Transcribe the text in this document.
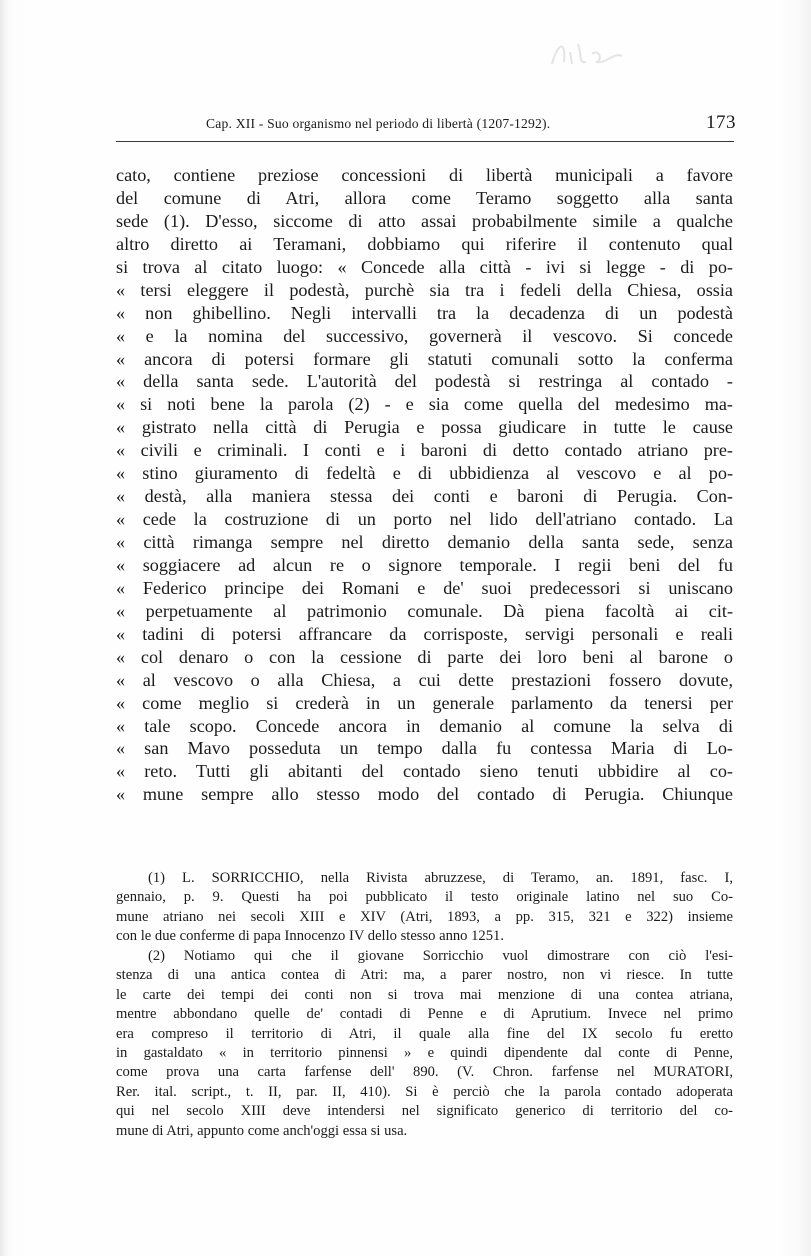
Cap. XII - Suo organismo nel periodo di libertà (1207-1292).	173
cato, contiene preziose concessioni di libertà municipali a favore
del comune di Atri, allora come Teramo soggetto alla santa
sede (1). D'esso, siccome di atto assai probabilmente simile a qualche
altro diretto ai Teramani, dobbiamo qui riferire il contenuto qual
si trova al citato luogo: « Concede alla città - ivi si legge - di po-
« tersi eleggere il podestà, purchè sia tra i fedeli della Chiesa, ossia
« non ghibellino. Negli intervalli tra la decadenza di un podestà
« e la nomina del successivo, governerà il vescovo. Si concede
« ancora di potersi formare gli statuti comunali sotto la conferma
« della santa sede. L'autorità del podestà si restringa al contado -
« si noti bene la parola (2) - e sia come quella del medesimo ma-
« gistrato nella città di Perugia e possa giudicare in tutte le cause
« civili e criminali. I conti e i baroni di detto contado atriano pre-
« stino giuramento di fedeltà e di ubbidienza al vescovo e al po-
« destà, alla maniera stessa dei conti e baroni di Perugia. Con-
« cede la costruzione di un porto nel lido dell'atriano contado. La
« città rimanga sempre nel diretto demanio della santa sede, senza
« soggiacere ad alcun re o signore temporale. I regii beni del fu
« Federico principe dei Romani e de' suoi predecessori si uniscano
« perpetuamente al patrimonio comunale. Dà piena facoltà ai cit-
« tadini di potersi affrancare da corrisposte, servigi personali e reali
« col denaro o con la cessione di parte dei loro beni al barone o
« al vescovo o alla Chiesa, a cui dette prestazioni fossero dovute,
« come meglio si crederà in un generale parlamento da tenersi per
« tale scopo. Concede ancora in demanio al comune la selva di
« san Mavo posseduta un tempo dalla fu contessa Maria di Lo-
« reto. Tutti gli abitanti del contado sieno tenuti ubbidire al co-
« mune sempre allo stesso modo del contado di Perugia. Chiunque
(1) L. SORRICCHIO, nella Rivista abruzzese, di Teramo, an. 1891, fasc. I,
gennaio, p. 9. Questi ha poi pubblicato il testo originale latino nel suo Co-
mune atriano nei secoli XIII e XIV (Atri, 1893, a pp. 315, 321 e 322) insieme
con le due conferme di papa Innocenzo IV dello stesso anno 1251.
(2) Notiamo qui che il giovane Sorricchio vuol dimostrare con ciò l'esi-
stenza di una antica contea di Atri: ma, a parer nostro, non vi riesce. In tutte
le carte dei tempi dei conti non si trova mai menzione di una contea atriana,
mentre abbondano quelle de' contadi di Penne e di Aprutium. Invece nel primo
era compreso il territorio di Atri, il quale alla fine del IX secolo fu eretto
in gastaldato « in territorio pinnensi » e quindi dipendente dal conte di Penne,
come prova una carta farfense dell' 890. (V. Chron. farfense nel MURATORI,
Rer. ital. script., t. II, par. II, 410). Si è perciò che la parola contado adoperata
qui nel secolo XIII deve intendersi nel significato generico di territorio del co-
mune di Atri, appunto come anch'oggi essa si usa.
